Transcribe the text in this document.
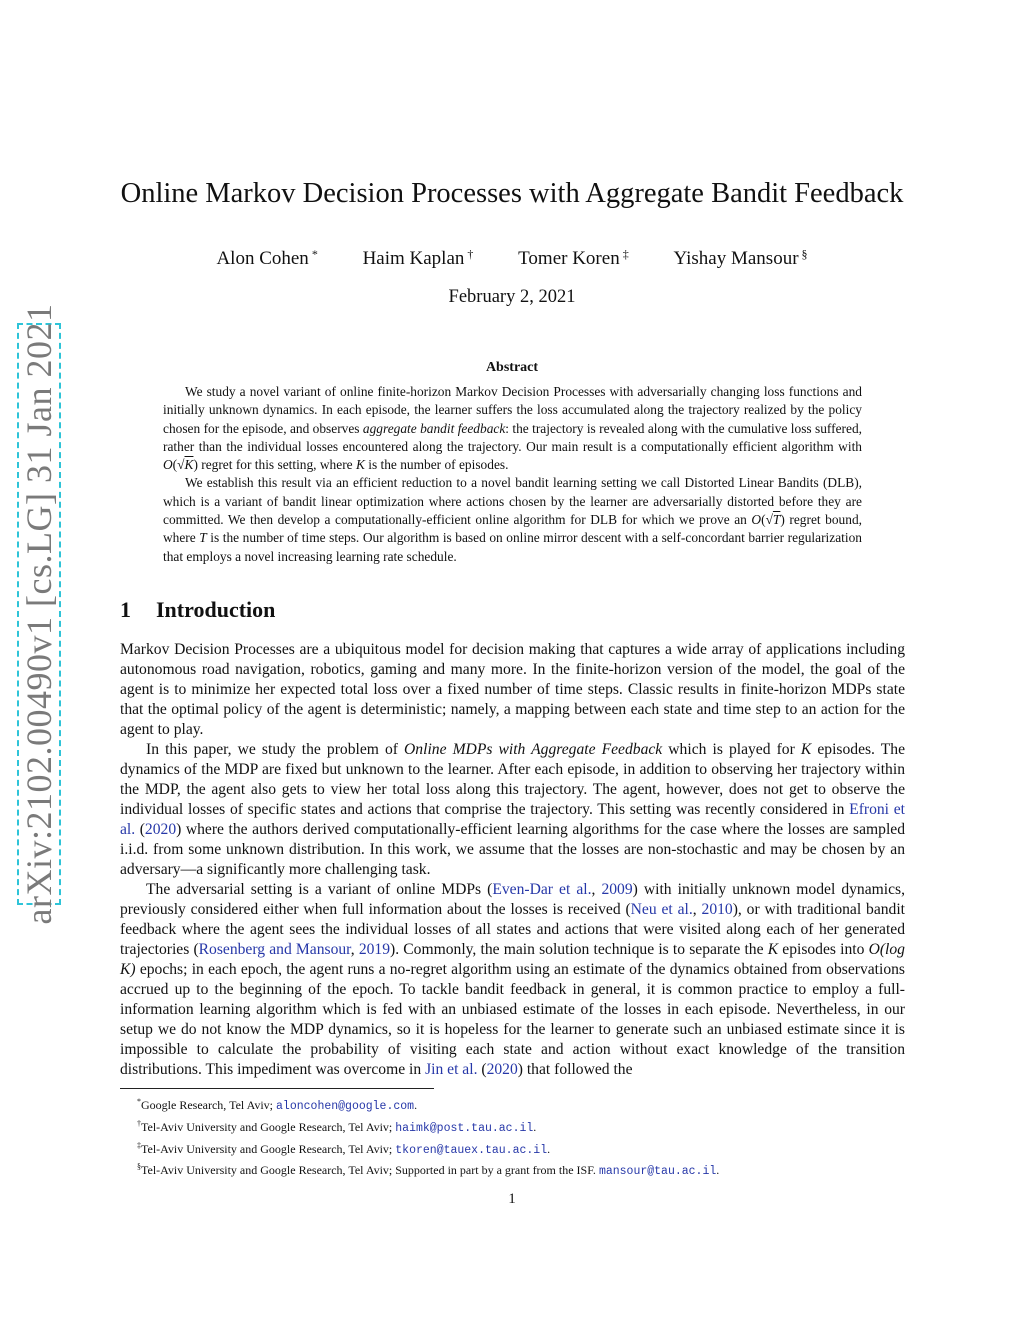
arXiv:2102.00490v1 [cs.LG] 31 Jan 2021
Online Markov Decision Processes with Aggregate Bandit Feedback
Alon Cohen * Haim Kaplan † Tomer Koren ‡ Yishay Mansour §
February 2, 2021
Abstract

We study a novel variant of online finite-horizon Markov Decision Processes with adversarially changing loss functions and initially unknown dynamics. In each episode, the learner suffers the loss accumulated along the trajectory realized by the policy chosen for the episode, and observes aggregate bandit feedback: the trajectory is revealed along with the cumulative loss suffered, rather than the individual losses encountered along the trajectory. Our main result is a computationally efficient algorithm with O(√K) regret for this setting, where K is the number of episodes.

We establish this result via an efficient reduction to a novel bandit learning setting we call Distorted Linear Bandits (DLB), which is a variant of bandit linear optimization where actions chosen by the learner are adversarially distorted before they are committed. We then develop a computationally-efficient online algorithm for DLB for which we prove an O(√T) regret bound, where T is the number of time steps. Our algorithm is based on online mirror descent with a self-concordant barrier regularization that employs a novel increasing learning rate schedule.

1 Introduction

Markov Decision Processes are a ubiquitous model for decision making that captures a wide array of applications including autonomous road navigation, robotics, gaming and many more. In the finite-horizon version of the model, the goal of the agent is to minimize her expected total loss over a fixed number of time steps. Classic results in finite-horizon MDPs state that the optimal policy of the agent is deterministic; namely, a mapping between each state and time step to an action for the agent to play.

In this paper, we study the problem of Online MDPs with Aggregate Feedback which is played for K episodes. The dynamics of the MDP are fixed but unknown to the learner. After each episode, in addition to observing her trajectory within the MDP, the agent also gets to view her total loss along this trajectory. The agent, however, does not get to observe the individual losses of specific states and actions that comprise the trajectory. This setting was recently considered in Efroni et al. (2020) where the authors derived computationally-efficient learning algorithms for the case where the losses are sampled i.i.d. from some unknown distribution. In this work, we assume that the losses are non-stochastic and may be chosen by an adversary—a significantly more challenging task.

The adversarial setting is a variant of online MDPs (Even-Dar et al., 2009) with initially unknown model dynamics, previously considered either when full information about the losses is received (Neu et al., 2010), or with traditional bandit feedback where the agent sees the individual losses of all states and actions that were visited along each of her generated trajectories (Rosenberg and Mansour, 2019). Commonly, the main solution technique is to separate the K episodes into O(log K) epochs; in each epoch, the agent runs a no-regret algorithm using an estimate of the dynamics obtained from observations accrued up to the beginning of the epoch. To tackle bandit feedback in general, it is common practice to employ a full-information learning algorithm which is fed with an unbiased estimate of the losses in each episode. Nevertheless, in our setup we do not know the MDP dynamics, so it is hopeless for the learner to generate such an unbiased estimate since it is impossible to calculate the probability of visiting each state and action without exact knowledge of the transition distributions. This impediment was overcome in Jin et al. (2020) that followed the

*Google Research, Tel Aviv; aloncohen@google.com.
†Tel-Aviv University and Google Research, Tel Aviv; haimk@post.tau.ac.il.
‡Tel-Aviv University and Google Research, Tel Aviv; tkoren@tauex.tau.ac.il.
§Tel-Aviv University and Google Research, Tel Aviv; Supported in part by a grant from the ISF. mansour@tau.ac.il.
1
